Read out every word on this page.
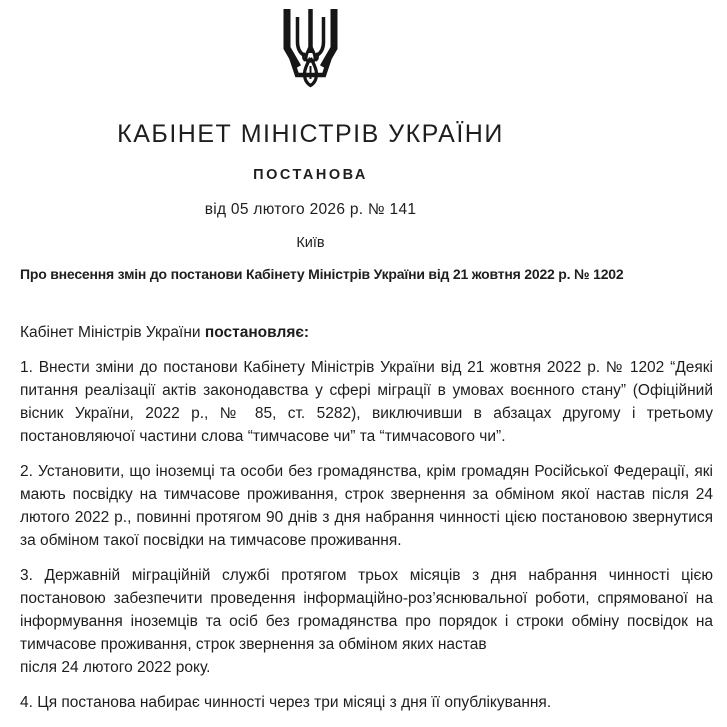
КАБІНЕТ МІНІСТРІВ УКРАЇНИ
ПОСТАНОВА
від 05 лютого 2026 р. № 141
Київ
Про внесення змін до постанови Кабінету Міністрів України від 21 жовтня 2022 р. № 1202
Кабінет Міністрів України постановляє:

1. Внести зміни до постанови Кабінету Міністрів України від 21 жовтня 2022 р. № 1202 “Деякі питання реалізації актів законодавства у сфері міграції в умовах воєнного стану” (Офіційний вісник України, 2022 р., № 85, ст. 5282), виключивши в абзацах другому і третьому постановляючої частини слова “тимчасове чи” та “тимчасового чи”.

2. Установити, що іноземці та особи без громадянства, крім громадян Російської Федерації, які мають посвідку на тимчасове проживання, строк звернення за обміном якої настав після 24 лютого 2022 р., повинні протягом 90 днів з дня набрання чинності цією постановою звернутися за обміном такої посвідки на тимчасове проживання.

3. Державній міграційній службі протягом трьох місяців з дня набрання чинності цією постановою забезпечити проведення інформаційно-роз’яснювальної роботи, спрямованої на інформування іноземців та осіб без громадянства про порядок і строки обміну посвідок на тимчасове проживання, строк звернення за обміном яких настав
після 24 лютого 2022 року.

4. Ця постанова набирає чинності через три місяці з дня її опублікування.
